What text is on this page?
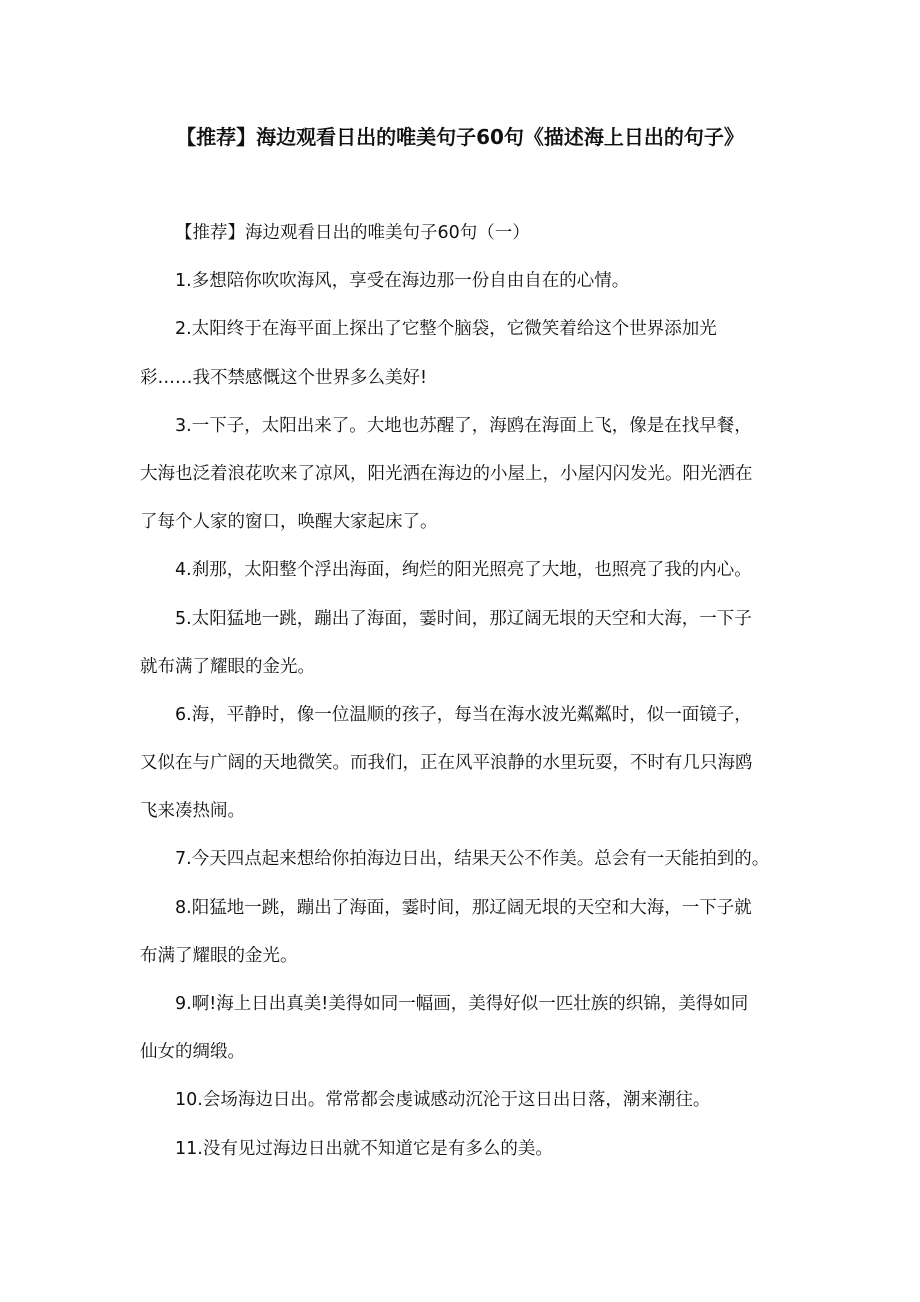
【推荐】海边观看日出的唯美句子60句《描述海上日出的句子》
【推荐】海边观看日出的唯美句子60句（一）
1.多想陪你吹吹海风，享受在海边那一份自由自在的心情。
2.太阳终于在海平面上探出了它整个脑袋，它微笑着给这个世界添加光
彩……我不禁感慨这个世界多么美好!
3.一下子，太阳出来了。大地也苏醒了，海鸥在海面上飞，像是在找早餐，
大海也泛着浪花吹来了凉风，阳光洒在海边的小屋上，小屋闪闪发光。阳光洒在
了每个人家的窗口，唤醒大家起床了。
4.刹那，太阳整个浮出海面，绚烂的阳光照亮了大地，也照亮了我的内心。
5.太阳猛地一跳，蹦出了海面，霎时间，那辽阔无垠的天空和大海，一下子
就布满了耀眼的金光。
6.海，平静时，像一位温顺的孩子，每当在海水波光粼粼时，似一面镜子，
又似在与广阔的天地微笑。而我们，正在风平浪静的水里玩耍，不时有几只海鸥
飞来凑热闹。
7.今天四点起来想给你拍海边日出，结果天公不作美。总会有一天能拍到的。
8.阳猛地一跳，蹦出了海面，霎时间，那辽阔无垠的天空和大海，一下子就
布满了耀眼的金光。
9.啊!海上日出真美!美得如同一幅画，美得好似一匹壮族的织锦，美得如同
仙女的绸缎。
10.会场海边日出。常常都会虔诚感动沉沦于这日出日落，潮来潮往。
11.没有见过海边日出就不知道它是有多么的美。
